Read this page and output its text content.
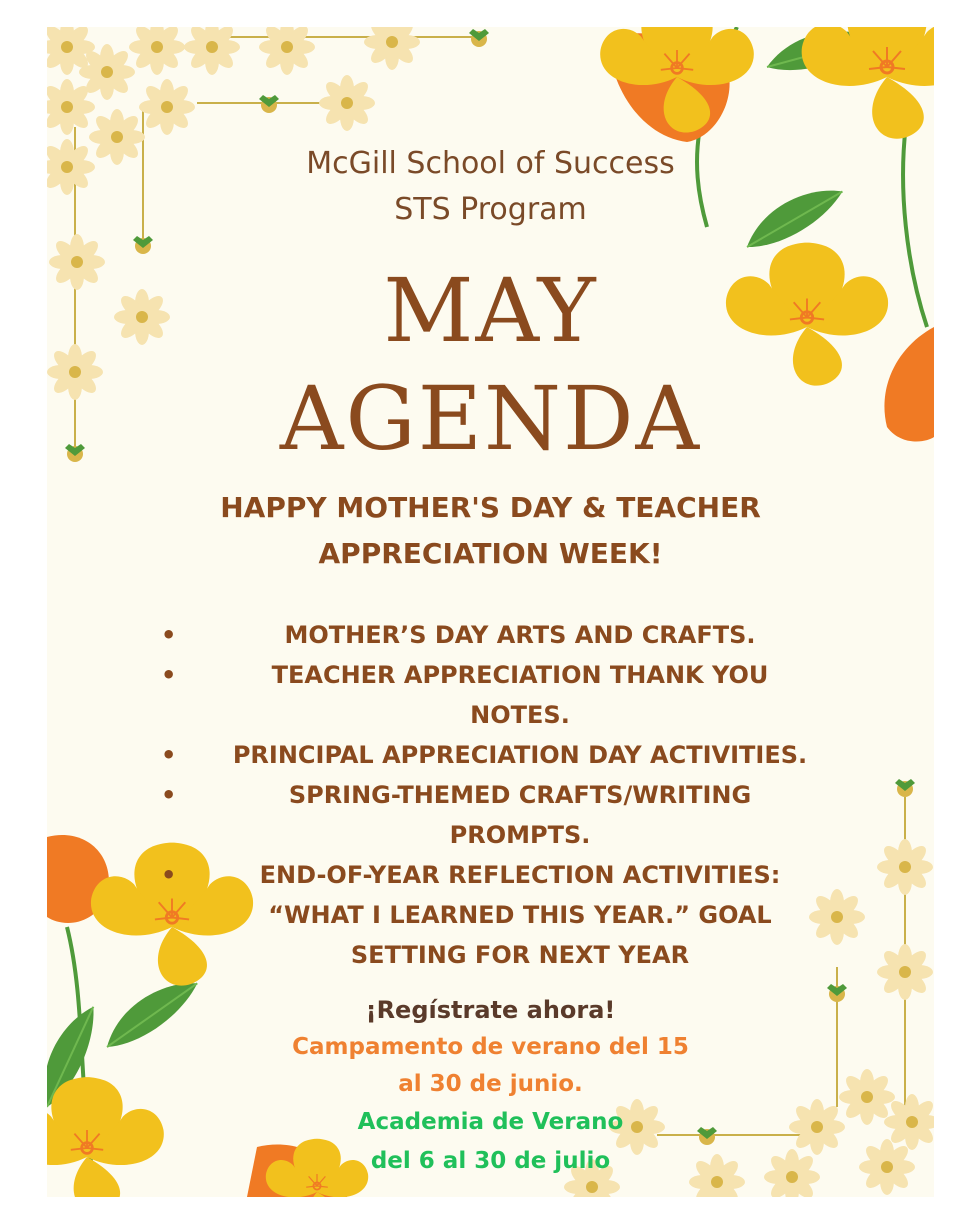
McGill School of Success
STS Program
MAY
AGENDA
HAPPY MOTHER'S DAY & TEACHER
APPRECIATION WEEK!
•	MOTHER’S DAY ARTS AND CRAFTS.
•	TEACHER APPRECIATION THANK YOU
NOTES.
•	PRINCIPAL APPRECIATION DAY ACTIVITIES.
•	SPRING-THEMED CRAFTS/WRITING
PROMPTS.
•	END-OF-YEAR REFLECTION ACTIVITIES:
“WHAT I LEARNED THIS YEAR.” GOAL
SETTING FOR NEXT YEAR
¡Regístrate ahora!
Campamento de verano del 15
al 30 de junio.
Academia de Verano
del 6 al 30 de julio
